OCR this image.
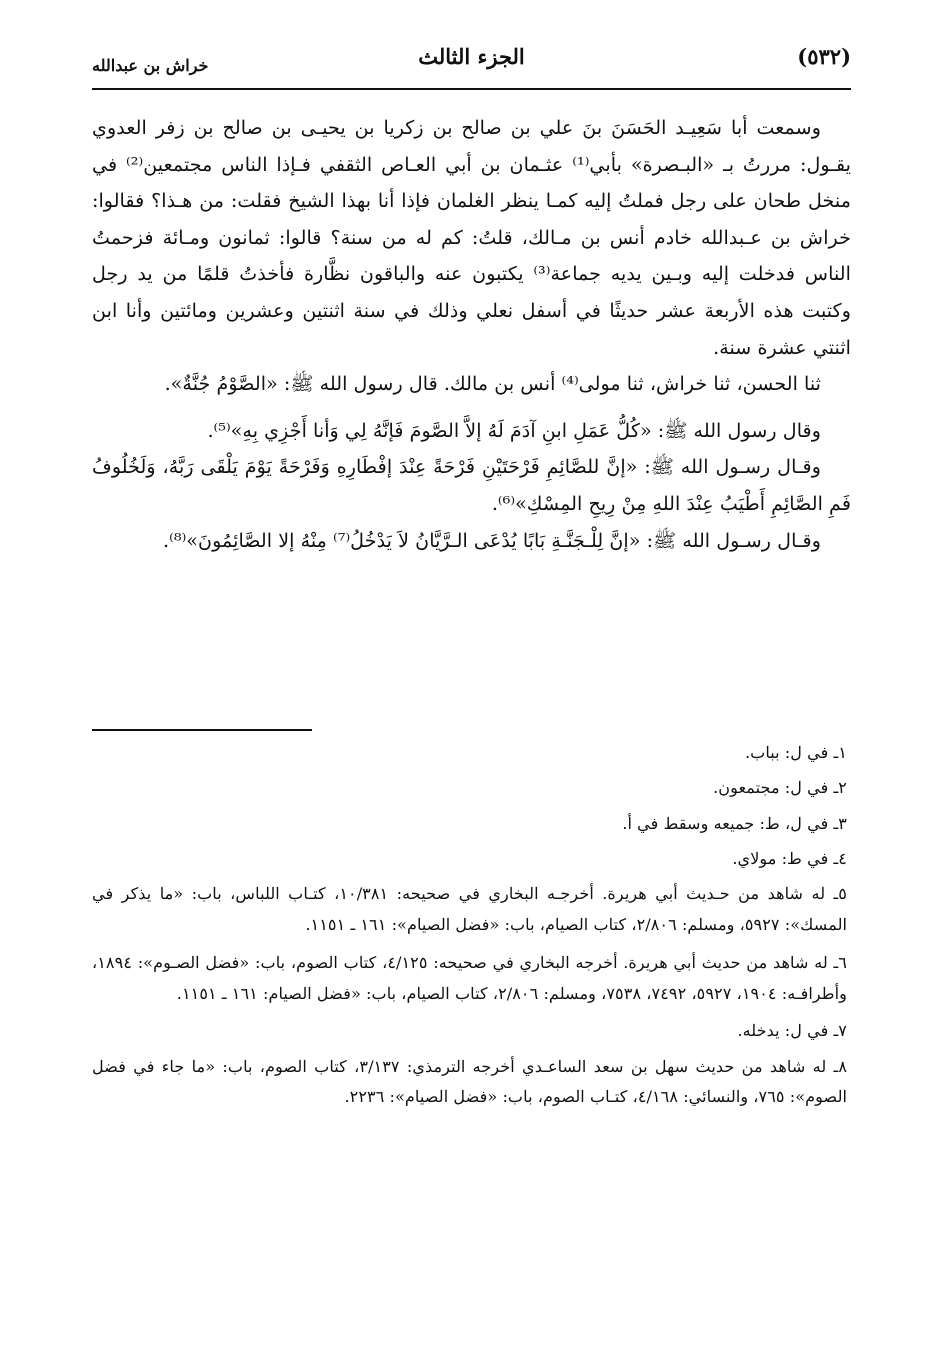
(٥٣٢)
الجزء الثالث
خراش بن عبدالله

وسمعت أبا سَعِيـد الحَسَنَ بنَ علي بن صالح بن زكريا بن يحيـى بن صالح بن زفر العدوي يقـول: مررتُ بـ «البـصرة» بأبي⁽¹⁾ عثـمان بن أبي العـاص الثقفي فـإذا الناس مجتمعين⁽²⁾ في منخل طحان على رجل فملتُ إليه كمـا ينظر الغلمان فإذا أنا بهذا الشيخ فقلت: من هـذا؟ فقالوا: خراش بن عـبدالله خادم أنس بن مـالك، قلتُ: كم له من سنة؟ قالوا: ثمانون ومـائة فزحمتُ الناس فدخلت إليه وبـين يديه جماعة⁽³⁾ يكتبون عنه والباقون نظَّارة فأخذتُ قلمًا من يد رجل وكتبت هذه الأربعة عشر حديثًا في أسفل نعلي وذلك في سنة اثنتين وعشرين ومائتين وأنا ابن اثنتي عشرة سنة.

ثنا الحسن، ثنا خراش، ثنا مولى⁽⁴⁾ أنس بن مالك. قال رسول الله ﷺ: «الصَّوْمُ جُنَّةٌ».

وقال رسول الله ﷺ: «كُلُّ عَمَلِ ابنِ آدَمَ لَهُ إلاَّ الصَّومَ فَإنَّهُ لِي وَأنا أَجْزِي بِهِ»⁽⁵⁾.

وقـال رسـول الله ﷺ: «إنَّ للصَّائِمِ فَرْحَتَيْنِ فَرْحَةً عِنْدَ إفْطَارِهِ وَفَرْحَةً يَوْمَ يَلْقَى رَبَّهُ، وَلَخُلُوفُ فَمِ الصَّائِمِ أَطْيَبُ عِنْدَ اللهِ مِنْ رِيحِ المِسْكِ»⁽⁶⁾.

وقـال رسـول الله ﷺ: «إنَّ لِلْـجَنَّـةِ بَابًا يُدْعَى الـرَّيَّانُ لاَ يَدْخُلُ⁽⁷⁾ مِنْهُ إلا الصَّائِمُونَ»⁽⁸⁾.

١ـ في ل: بباب.

٢ـ في ل: مجتمعون.

٣ـ في ل، ط: جميعه وسقط في أ.

٤ـ في ط: مولاي.

٥ـ له شاهد من حـديث أبي هريرة. أخرجـه البخاري في صحيحه: ١٠/٣٨١، كتـاب اللباس، باب: «ما يذكر في المسك»: ٥٩٢٧، ومسلم: ٢/٨٠٦، كتاب الصيام، باب: «فضل الصيام»: ١٦١ ـ ١١٥١.

٦ـ له شاهد من حديث أبي هريرة. أخرجه البخاري في صحيحه: ٤/١٢٥، كتاب الصوم، باب: «فضل الصـوم»: ١٨٩٤، وأطرافـه: ١٩٠٤، ٥٩٢٧، ٧٤٩٢، ٧٥٣٨، ومسلم: ٢/٨٠٦، كتاب الصيام، باب: «فضل الصيام: ١٦١ ـ ١١٥١.

٧ـ في ل: يدخله.

٨ـ له شاهد من حديث سهل بن سعد الساعـدي أخرجه الترمذي: ٣/١٣٧، كتاب الصوم، باب: «ما جاء في فضل الصوم»: ٧٦٥، والنسائي: ٤/١٦٨، كتـاب الصوم، باب: «فضل الصيام»: ٢٢٣٦.
